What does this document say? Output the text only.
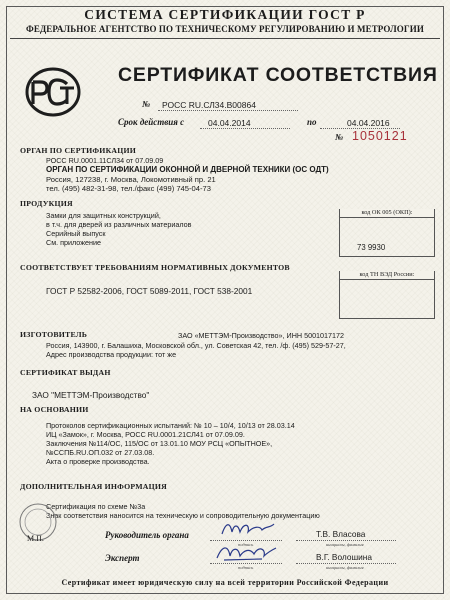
СИСТЕМА СЕРТИФИКАЦИИ ГОСТ Р
ФЕДЕРАЛЬНОЕ АГЕНТСТВО ПО ТЕХНИЧЕСКОМУ РЕГУЛИРОВАНИЮ И МЕТРОЛОГИИ
СЕРТИФИКАТ СООТВЕТСТВИЯ
№ РОСС RU.СЛ34.В00864
Срок действия с	04.04.2014	по	04.04.2016
№ 1050121
ОРГАН ПО СЕРТИФИКАЦИИ
РОСС RU.0001.11СЛ34 от 07.09.09
ОРГАН ПО СЕРТИФИКАЦИИ ОКОННОЙ И ДВЕРНОЙ ТЕХНИКИ (ОС ОДТ)
Россия, 127238, г. Москва, Локомотивный пр. 21
тел. (495) 482-31-98, тел./факс (499) 745-04-73
ПРОДУКЦИЯ
Замки для защитных конструкций,
в т.ч. для дверей из различных материалов
Серийный выпуск
См. приложение
код ОК 005 (ОКП):
73 9930
СООТВЕТСТВУЕТ ТРЕБОВАНИЯМ НОРМАТИВНЫХ ДОКУМЕНТОВ
ГОСТ Р 52582-2006, ГОСТ 5089-2011, ГОСТ 538-2001
код ТН ВЭД России:
ИЗГОТОВИТЕЛЬ	ЗАО «МЕТТЭМ-Производство», ИНН 5001017172
Россия, 143900, г. Балашиха, Московской обл., ул. Советская 42, тел. /ф. (495) 529-57-27,
Адрес производства продукции: тот же
СЕРТИФИКАТ ВЫДАН
ЗАО "МЕТТЭМ-Производство"
НА ОСНОВАНИИ
Протоколов сертификационных испытаний: № 10 – 10/4, 10/13 от 28.03.14
ИЦ «Замок», г. Москва, РОСС RU.0001.21СЛ41 от 07.09.09.
Заключения №114/ОС, 115/ОС от 13.01.10 МОУ РСЦ «ОПЫТНОЕ»,
№ССПБ.RU.ОП.032 от 27.03.08.
Акта о проверке производства.
ДОПОЛНИТЕЛЬНАЯ ИНФОРМАЦИЯ
Сертификация по схеме №3а
Знак соответствия наносится на техническую и сопроводительную документацию
М.П.	Руководитель органа
подпись
Т.В. Власова
инициалы, фамилия
Эксперт
подпись
В.Г. Волошина
инициалы, фамилия
Сертификат имеет юридическую силу на всей территории Российской Федерации
